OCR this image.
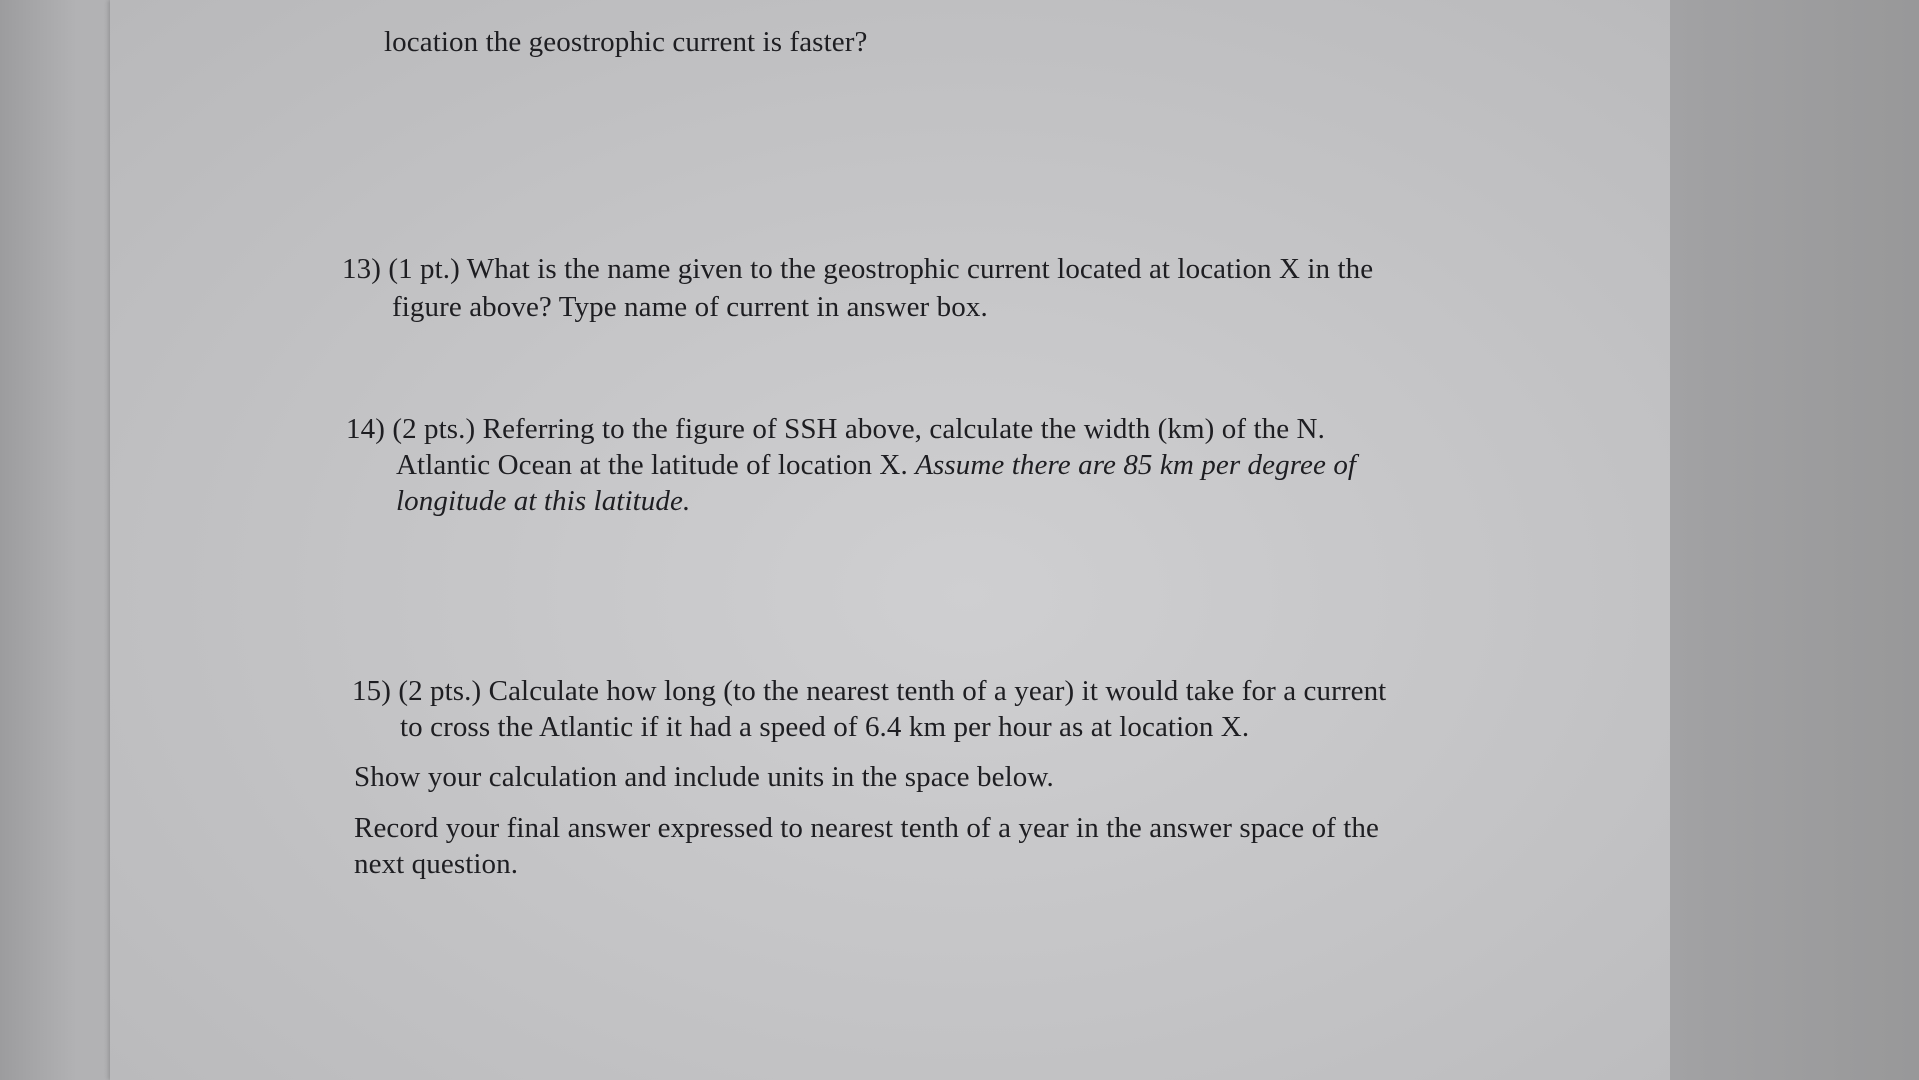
location the geostrophic current is faster?
13) (1 pt.) What is the name given to the geostrophic current located at location X in the
figure above? Type name of current in answer box.
14) (2 pts.) Referring to the figure of SSH above, calculate the width (km) of the N.
Atlantic Ocean at the latitude of location X. Assume there are 85 km per degree of
longitude at this latitude.
15) (2 pts.) Calculate how long (to the nearest tenth of a year) it would take for a current
to cross the Atlantic if it had a speed of 6.4 km per hour as at location X.
Show your calculation and include units in the space below.
Record your final answer expressed to nearest tenth of a year in the answer space of the
next question.
